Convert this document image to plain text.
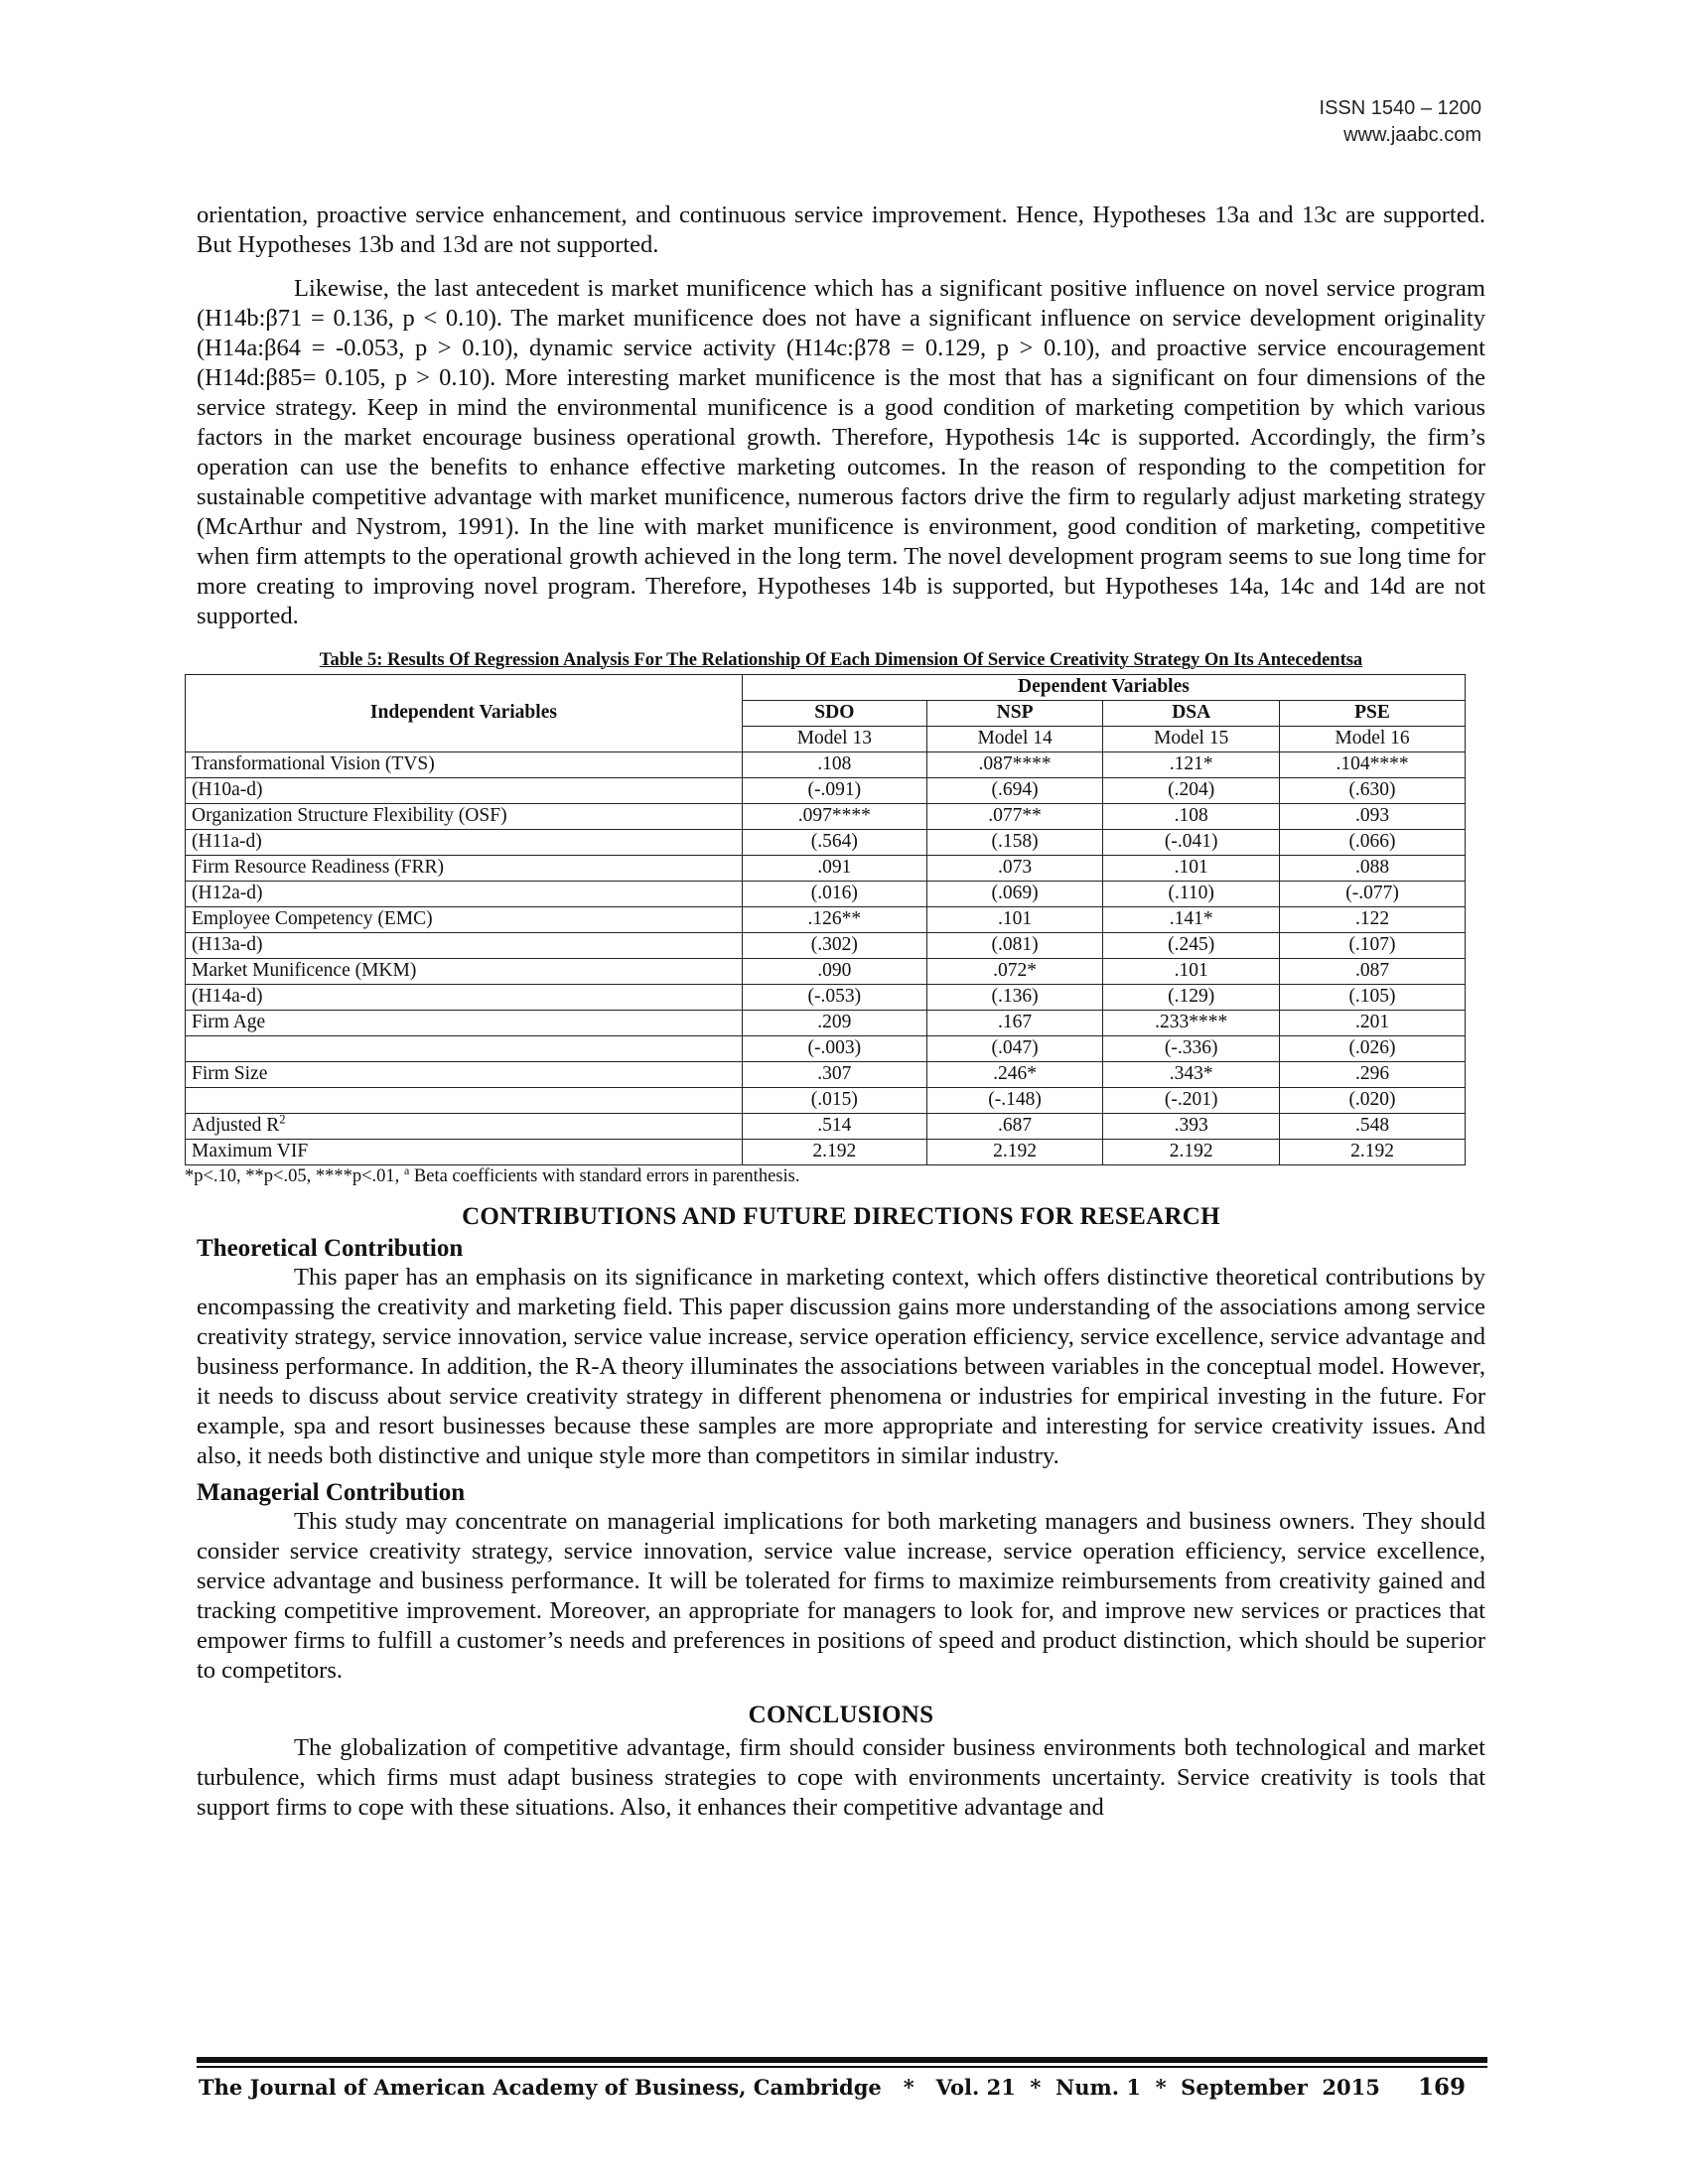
ISSN 1540 – 1200
www.jaabc.com

orientation, proactive service enhancement, and continuous service improvement. Hence, Hypotheses 13a and 13c are supported. But Hypotheses 13b and 13d are not supported.

Likewise, the last antecedent is market munificence which has a significant positive influence on novel service program (H14b:β71 = 0.136, p < 0.10). The market munificence does not have a significant influence on service development originality (H14a:β64 = -0.053, p > 0.10), dynamic service activity (H14c:β78 = 0.129, p > 0.10), and proactive service encouragement (H14d:β85= 0.105, p > 0.10). More interesting market munificence is the most that has a significant on four dimensions of the service strategy. Keep in mind the environmental munificence is a good condition of marketing competition by which various factors in the market encourage business operational growth. Therefore, Hypothesis 14c is supported. Accordingly, the firm’s operation can use the benefits to enhance effective marketing outcomes. In the reason of responding to the competition for sustainable competitive advantage with market munificence, numerous factors drive the firm to regularly adjust marketing strategy (McArthur and Nystrom, 1991). In the line with market munificence is environment, good condition of marketing, competitive when firm attempts to the operational growth achieved in the long term. The novel development program seems to sue long time for more creating to improving novel program. Therefore, Hypotheses 14b is supported, but Hypotheses 14a, 14c and 14d are not supported.

Table 5: Results Of Regression Analysis For The Relationship Of Each Dimension Of Service Creativity Strategy On Its Antecedentsa
Independent Variables	Dependent Variables			
	SDO	NSP	DSA	PSE
	Model 13	Model 14	Model 15	Model 16
Transformational Vision (TVS)	.108	.087****	.121*	.104****
(H10a-d)	(-.091)	(.694)	(.204)	(.630)
Organization Structure Flexibility (OSF)	.097****	.077**	.108	.093
(H11a-d)	(.564)	(.158)	(-.041)	(.066)
Firm Resource Readiness (FRR)	.091	.073	.101	.088
(H12a-d)	(.016)	(.069)	(.110)	(-.077)
Employee Competency (EMC)	.126**	.101	.141*	.122
(H13a-d)	(.302)	(.081)	(.245)	(.107)
Market Munificence (MKM)	.090	.072*	.101	.087
(H14a-d)	(-.053)	(.136)	(.129)	(.105)
Firm Age	.209	.167	.233****	.201
	(-.003)	(.047)	(-.336)	(.026)
Firm Size	.307	.246*	.343*	.296
	(.015)	(-.148)	(-.201)	(.020)
Adjusted $R^2$	.514	.687	.393	.548
Maximum VIF	2.192	2.192	2.192	2.192
*p<.10, **p<.05, ****p<.01, $^a$ Beta coefficients with standard errors in parenthesis.
CONTRIBUTIONS AND FUTURE DIRECTIONS FOR RESEARCH
Theoretical Contribution

This paper has an emphasis on its significance in marketing context, which offers distinctive theoretical contributions by encompassing the creativity and marketing field. This paper discussion gains more understanding of the associations among service creativity strategy, service innovation, service value increase, service operation efficiency, service excellence, service advantage and business performance. In addition, the R-A theory illuminates the associations between variables in the conceptual model. However, it needs to discuss about service creativity strategy in different phenomena or industries for empirical investing in the future. For example, spa and resort businesses because these samples are more appropriate and interesting for service creativity issues. And also, it needs both distinctive and unique style more than competitors in similar industry.

Managerial Contribution

This study may concentrate on managerial implications for both marketing managers and business owners. They should consider service creativity strategy, service innovation, service value increase, service operation efficiency, service excellence, service advantage and business performance. It will be tolerated for firms to maximize reimbursements from creativity gained and tracking competitive improvement. Moreover, an appropriate for managers to look for, and improve new services or practices that empower firms to fulfill a customer’s needs and preferences in positions of speed and product distinction, which should be superior to competitors.

CONCLUSIONS

The globalization of competitive advantage, firm should consider business environments both technological and market turbulence, which firms must adapt business strategies to cope with environments uncertainty. Service creativity is tools that support firms to cope with these situations. Also, it enhances their competitive advantage and

The Journal of American Academy of Business, Cambridge   *   Vol. 21  *  Num. 1  *  September  2015 169
